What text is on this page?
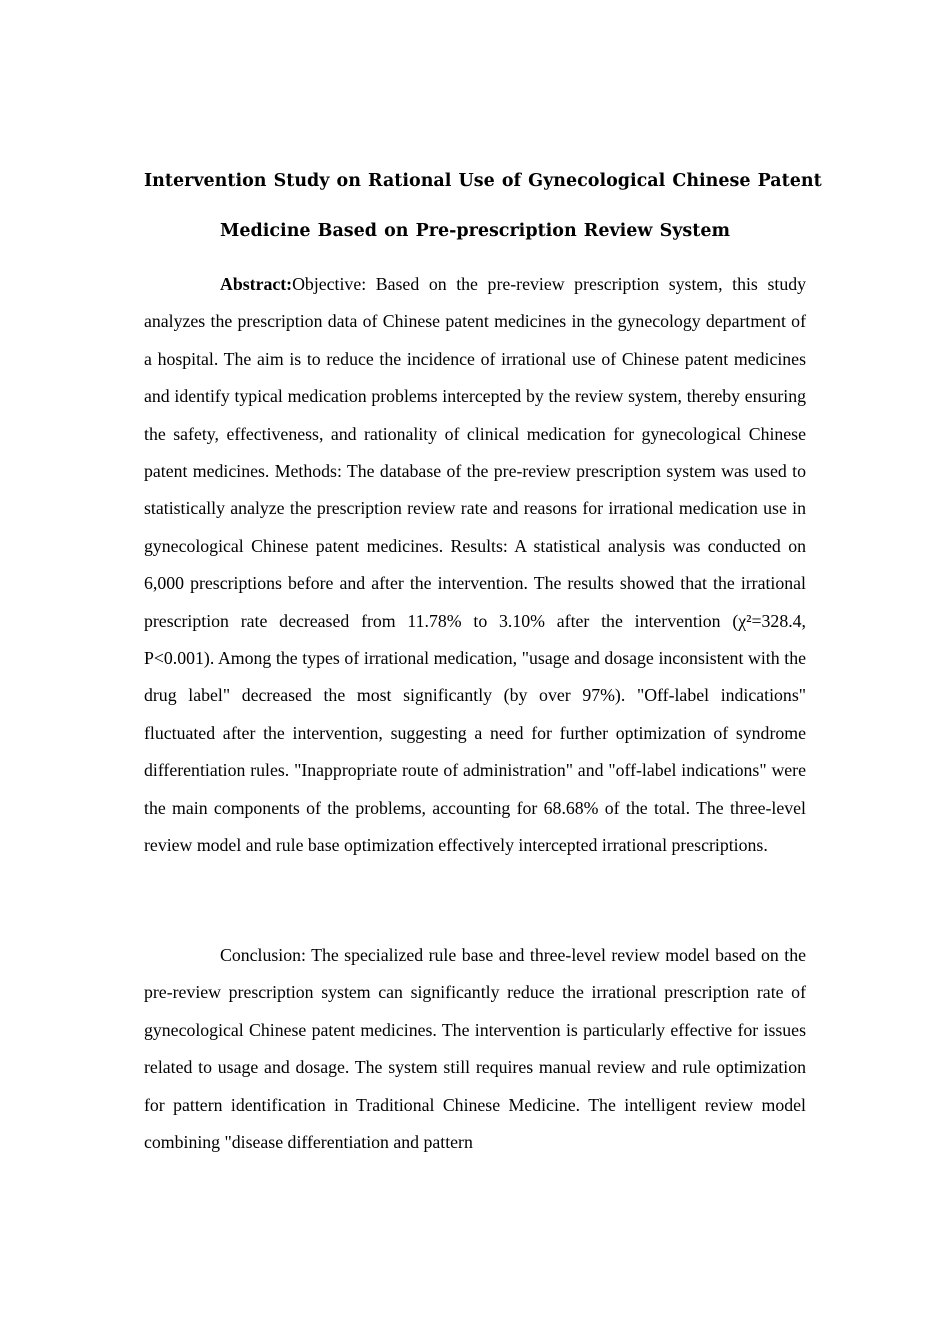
Intervention Study on Rational Use of Gynecological Chinese Patent
Medicine Based on Pre-prescription Review System

Abstract:Objective: Based on the pre-review prescription system, this study analyzes the prescription data of Chinese patent medicines in the gynecology department of a hospital. The aim is to reduce the incidence of irrational use of Chinese patent medicines and identify typical medication problems intercepted by the review system, thereby ensuring the safety, effectiveness, and rationality of clinical medication for gynecological Chinese patent medicines. Methods: The database of the pre-review prescription system was used to statistically analyze the prescription review rate and reasons for irrational medication use in gynecological Chinese patent medicines. Results: A statistical analysis was conducted on 6,000 prescriptions before and after the intervention. The results showed that the irrational prescription rate decreased from 11.78% to 3.10% after the intervention (χ²=328.4, P<0.001). Among the types of irrational medication, "usage and dosage inconsistent with the drug label" decreased the most significantly (by over 97%). "Off-label indications" fluctuated after the intervention, suggesting a need for further optimization of syndrome differentiation rules. "Inappropriate route of administration" and "off-label indications" were the main components of the problems, accounting for 68.68% of the total. The three-level review model and rule base optimization effectively intercepted irrational prescriptions.

Conclusion: The specialized rule base and three-level review model based on the pre-review prescription system can significantly reduce the irrational prescription rate of gynecological Chinese patent medicines. The intervention is particularly effective for issues related to usage and dosage. The system still requires manual review and rule optimization for pattern identification in Traditional Chinese Medicine. The intelligent review model combining "disease differentiation and pattern
